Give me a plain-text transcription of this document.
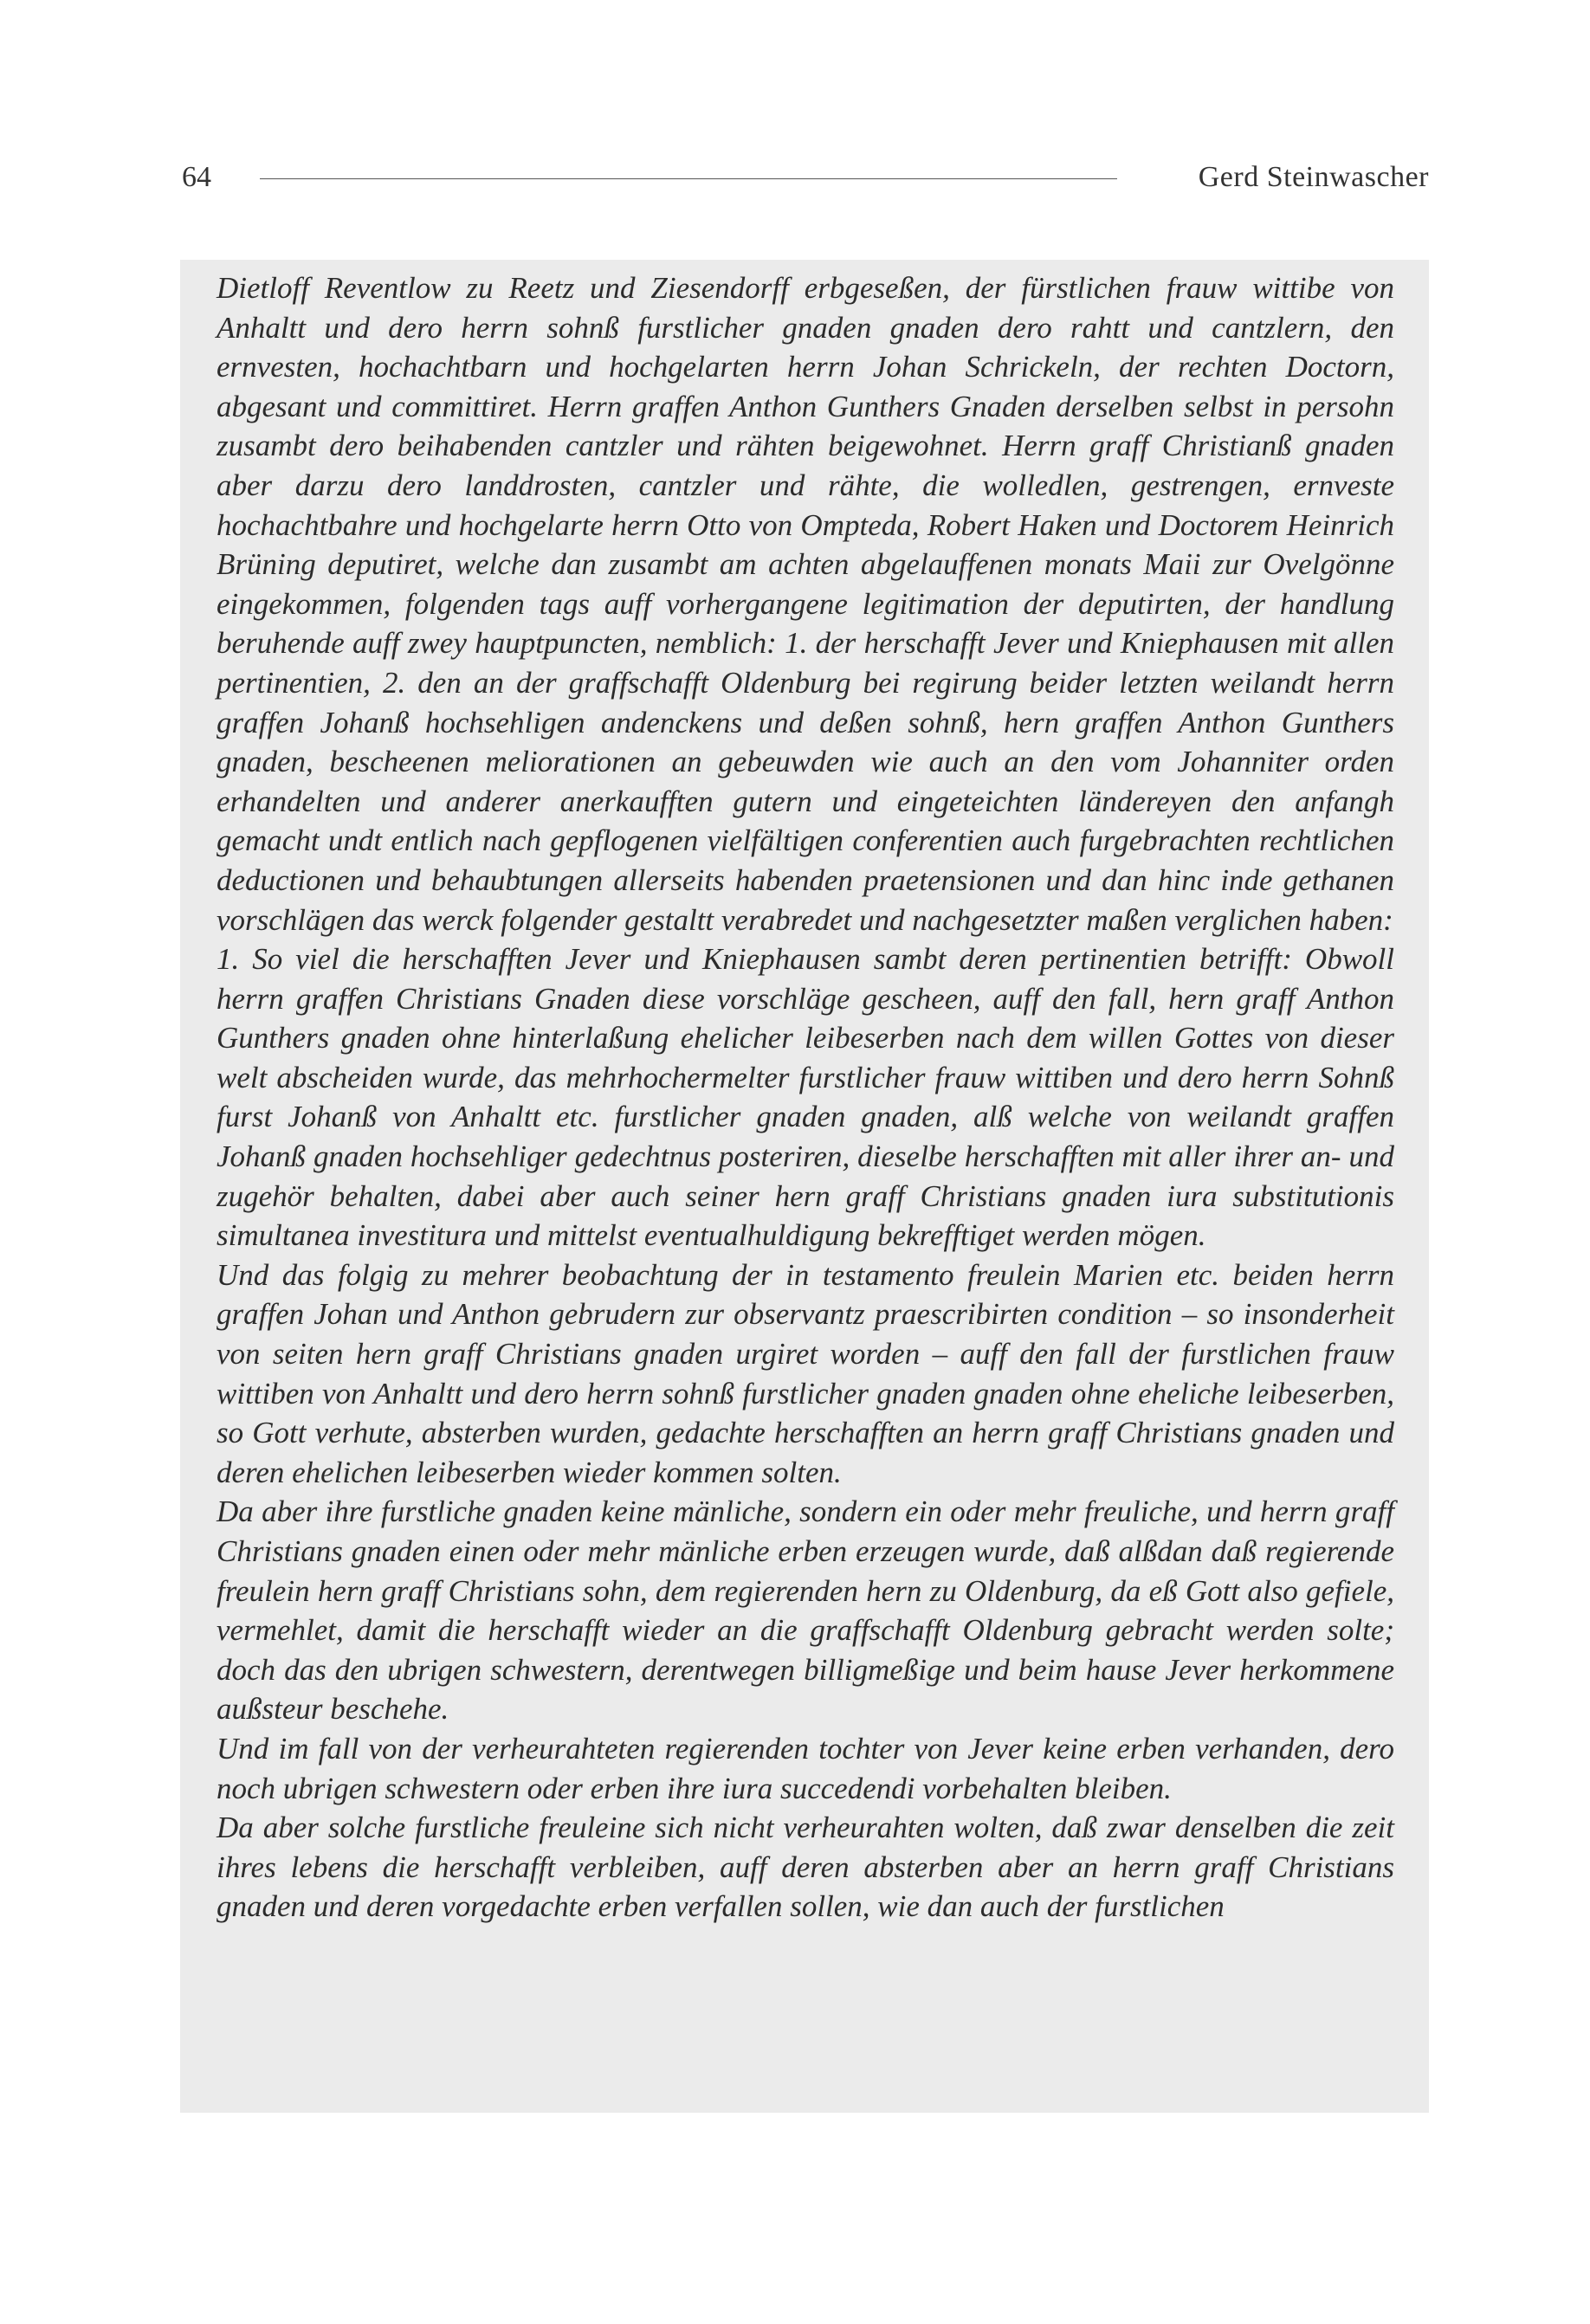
64	Gerd Steinwascher

Dietloff Reventlow zu Reetz und Ziesendorff erbgeseßen, der fürstlichen frauw wittibe von Anhaltt und dero herrn sohnß furstlicher gnaden gnaden dero rahtt und cantzlern, den ernvesten, hochachtbarn und hochgelarten herrn Johan Schrickeln, der rechten Doctorn, abgesant und committiret. Herrn graffen Anthon Gunthers Gnaden derselben selbst in persohn zusambt dero beihabenden cantzler und rähten beigewohnet. Herrn graff Christianß gnaden aber darzu dero landdrosten, cantzler und rähte, die wolledlen, gestrengen, ernveste hochachtbahre und hochgelarte herrn Otto von Ompteda, Robert Haken und Doctorem Heinrich Brüning deputiret, welche dan zusambt am achten abgelauffenen monats Maii zur Ovelgönne eingekommen, folgenden tags auff vorhergangene legitimation der deputirten, der handlung beruhende auff zwey hauptpuncten, nemblich: 1. der herschafft Jever und Kniephausen mit allen pertinentien, 2. den an der graffschafft Oldenburg bei regirung beider letzten weilandt herrn graffen Johanß hochsehligen andenckens und deßen sohnß, hern graffen Anthon Gunthers gnaden, bescheenen meliorationen an gebeuwden wie auch an den vom Johanniter orden erhandelten und anderer anerkaufften gutern und eingeteichten ländereyen den anfangh gemacht undt entlich nach gepflogenen vielfältigen conferentien auch furgebrachten rechtlichen deductionen und behaubtungen allerseits habenden praetensionen und dan hinc inde gethanen vorschlägen das werck folgender gestaltt verabredet und nachgesetzter maßen verglichen haben:

1. So viel die herschafften Jever und Kniephausen sambt deren pertinentien betrifft: Obwoll herrn graffen Christians Gnaden diese vorschläge gescheen, auff den fall, hern graff Anthon Gunthers gnaden ohne hinterlaßung ehelicher leibeserben nach dem willen Gottes von dieser welt abscheiden wurde, das mehrhochermelter furstlicher frauw wittiben und dero herrn Sohnß furst Johanß von Anhaltt etc. furstlicher gnaden gnaden, alß welche von weilandt graffen Johanß gnaden hochsehliger gedechtnus posteriren, dieselbe herschafften mit aller ihrer an- und zugehör behalten, dabei aber auch seiner hern graff Christians gnaden iura substitutionis simultanea investitura und mittelst eventualhuldigung bekrefftiget werden mögen.

Und das folgig zu mehrer beobachtung der in testamento freulein Marien etc. beiden herrn graffen Johan und Anthon gebrudern zur observantz praescribirten condition – so insonderheit von seiten hern graff Christians gnaden urgiret worden – auff den fall der furstlichen frauw wittiben von Anhaltt und dero herrn sohnß furstlicher gnaden gnaden ohne eheliche leibeserben, so Gott verhute, absterben wurden, gedachte herschafften an herrn graff Christians gnaden und deren ehelichen leibeserben wieder kommen solten.

Da aber ihre furstliche gnaden keine mänliche, sondern ein oder mehr freuliche, und herrn graff Christians gnaden einen oder mehr mänliche erben erzeugen wurde, daß alßdan daß regierende freulein hern graff Christians sohn, dem regierenden hern zu Oldenburg, da eß Gott also gefiele, vermehlet, damit die herschafft wieder an die graffschafft Oldenburg gebracht werden solte; doch das den ubrigen schwestern, derentwegen billigmeßige und beim hause Jever herkommene außsteur beschehe.

Und im fall von der verheurahteten regierenden tochter von Jever keine erben verhanden, dero noch ubrigen schwestern oder erben ihre iura succedendi vorbehalten bleiben.

Da aber solche furstliche freuleine sich nicht verheurahten wolten, daß zwar denselben die zeit ihres lebens die herschafft verbleiben, auff deren absterben aber an herrn graff Christians gnaden und deren vorgedachte erben verfallen sollen, wie dan auch der furstlichen
